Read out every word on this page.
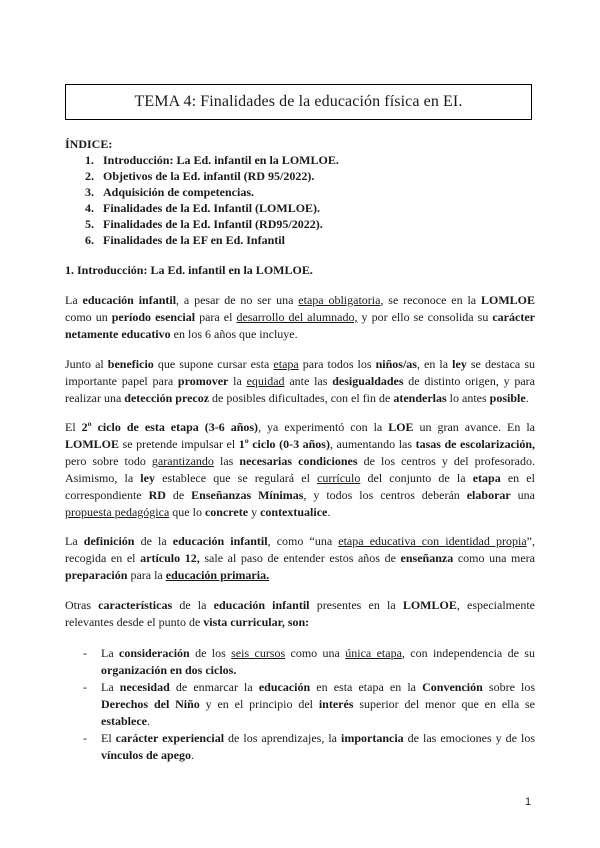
TEMA 4: Finalidades de la educación física en EI.
ÍNDICE:
1. Introducción: La Ed. infantil en la LOMLOE.
2. Objetivos de la Ed. infantil (RD 95/2022).
3. Adquisición de competencias.
4. Finalidades de la Ed. Infantil (LOMLOE).
5. Finalidades de la Ed. Infantil (RD95/2022).
6. Finalidades de la EF en Ed. Infantil
1. Introducción: La Ed. infantil en la LOMLOE.
La educación infantil, a pesar de no ser una etapa obligatoria, se reconoce en la LOMLOE como un período esencial para el desarrollo del alumnado, y por ello se consolida su carácter netamente educativo en los 6 años que incluye.
Junto al beneficio que supone cursar esta etapa para todos los niños/as, en la ley se destaca su importante papel para promover la equidad ante las desigualdades de distinto origen, y para realizar una detección precoz de posibles dificultades, con el fin de atenderlas lo antes posible.
El 2º ciclo de esta etapa (3-6 años), ya experimentó con la LOE un gran avance. En la LOMLOE se pretende impulsar el 1º ciclo (0-3 años), aumentando las tasas de escolarización, pero sobre todo garantizando las necesarias condiciones de los centros y del profesorado. Asimismo, la ley establece que se regulará el currículo del conjunto de la etapa en el correspondiente RD de Enseñanzas Mínimas, y todos los centros deberán elaborar una propuesta pedagógica que lo concrete y contextualice.
La definición de la educación infantil, como “una etapa educativa con identidad propia”, recogida en el artículo 12, sale al paso de entender estos años de enseñanza como una mera preparación para la educación primaria.
Otras características de la educación infantil presentes en la LOMLOE, especialmente relevantes desde el punto de vista curricular, son:
- La consideración de los seis cursos como una única etapa, con independencia de su organización en dos ciclos.
- La necesidad de enmarcar la educación en esta etapa en la Convención sobre los Derechos del Niño y en el principio del interés superior del menor que en ella se establece.
- El carácter experiencial de los aprendizajes, la importancia de las emociones y de los vínculos de apego.
1
